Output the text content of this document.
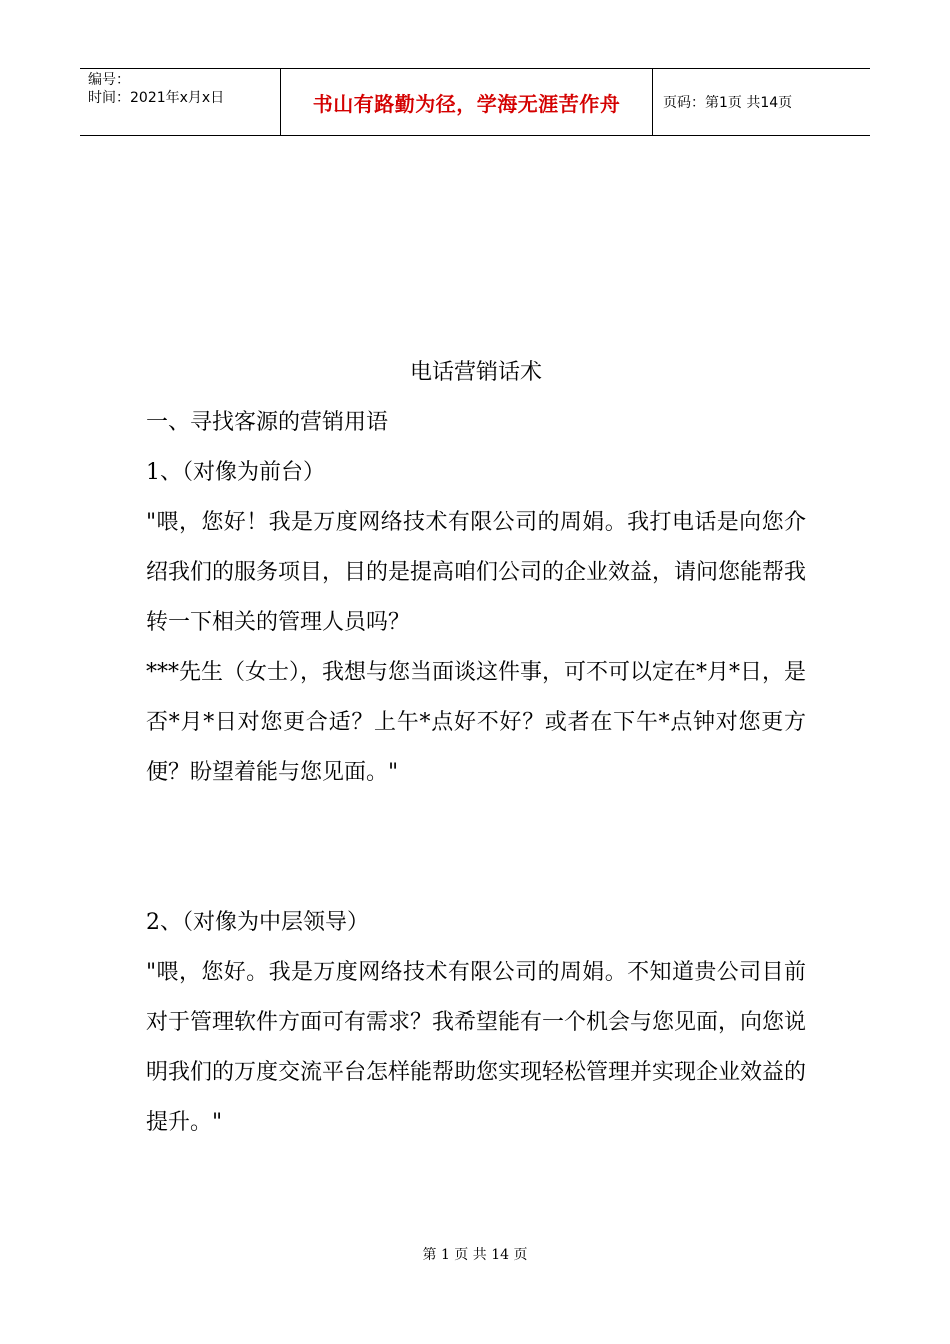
编号：
时间：2021年x月x日	书山有路勤为径，学海无涯苦作舟	页码：第1页 共14页

电话营销话术

一、寻找客源的营销用语

1、（对像为前台）

"喂，您好！我是万度网络技术有限公司的周娟。我打电话是向您介绍我们的服务项目，目的是提高咱们公司的企业效益，请问您能帮我转一下相关的管理人员吗？

***先生（女士），我想与您当面谈这件事，可不可以定在*月*日，是否*月*日对您更合适？上午*点好不好？或者在下午*点钟对您更方便？盼望着能与您见面。"

2、（对像为中层领导）

"喂，您好。我是万度网络技术有限公司的周娟。不知道贵公司目前对于管理软件方面可有需求？我希望能有一个机会与您见面，向您说明我们的万度交流平台怎样能帮助您实现轻松管理并实现企业效益的提升。"

第 1 页 共 14 页
